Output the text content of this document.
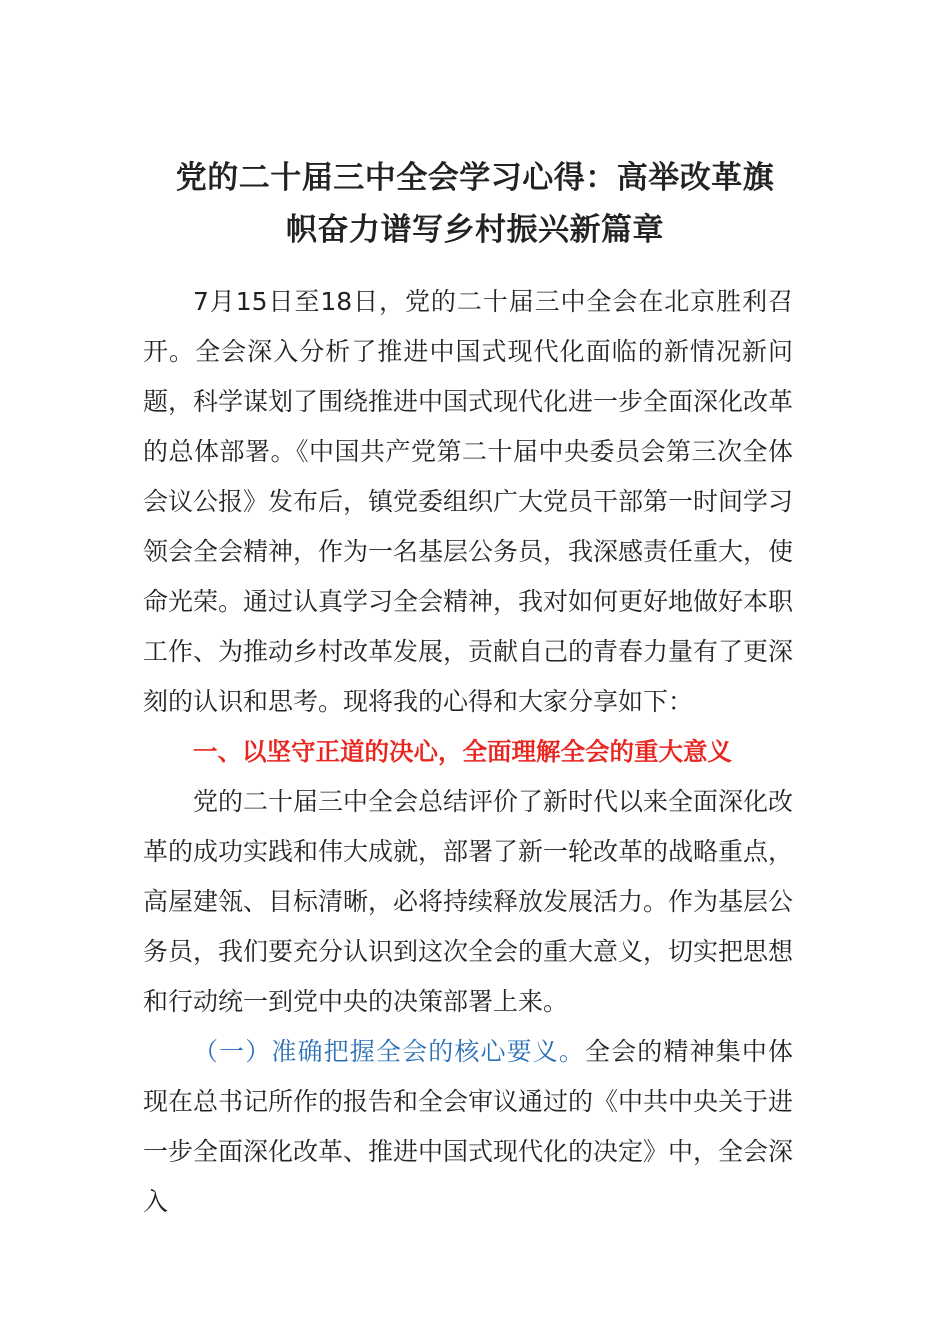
党的二十届三中全会学习心得：高举改革旗
帜奋力谱写乡村振兴新篇章
7月15日至18日，党的二十届三中全会在北京胜利召开。全会深入分析了推进中国式现代化面临的新情况新问题，科学谋划了围绕推进中国式现代化进一步全面深化改革的总体部署。《中国共产党第二十届中央委员会第三次全体会议公报》发布后，镇党委组织广大党员干部第一时间学习领会全会精神，作为一名基层公务员，我深感责任重大，使命光荣。通过认真学习全会精神，我对如何更好地做好本职工作、为推动乡村改革发展，贡献自己的青春力量有了更深刻的认识和思考。现将我的心得和大家分享如下：
一、以坚守正道的决心，全面理解全会的重大意义
党的二十届三中全会总结评价了新时代以来全面深化改革的成功实践和伟大成就，部署了新一轮改革的战略重点，高屋建瓴、目标清晰，必将持续释放发展活力。作为基层公务员，我们要充分认识到这次全会的重大意义，切实把思想和行动统一到党中央的决策部署上来。
（一）准确把握全会的核心要义。全会的精神集中体现在总书记所作的报告和全会审议通过的《中共中央关于进一步全面深化改革、推进中国式现代化的决定》中，全会深入
